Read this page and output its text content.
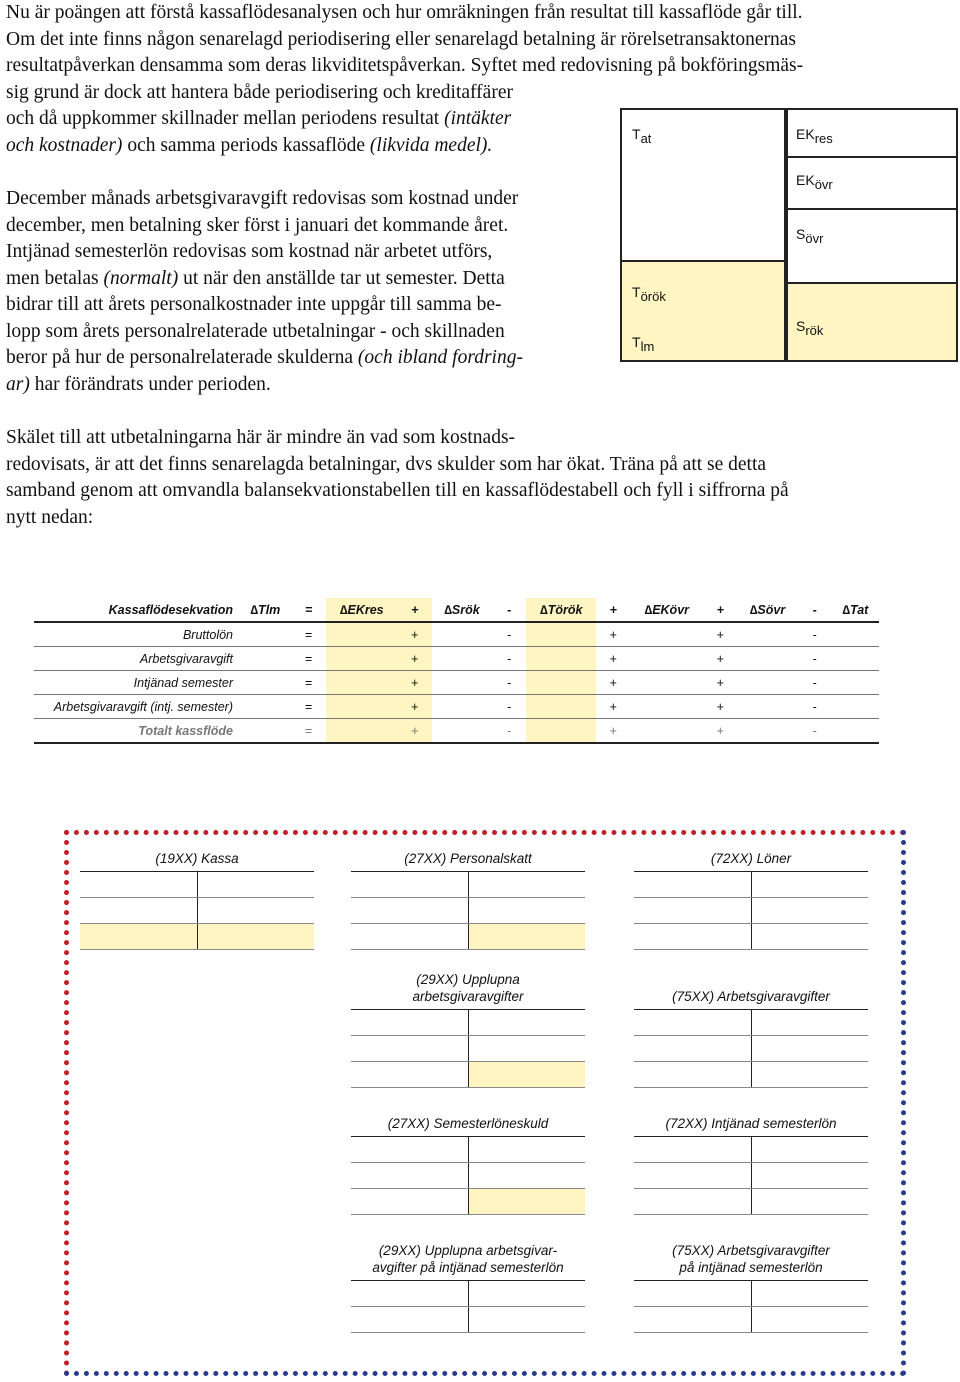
Nu är poängen att förstå kassaflödesanalysen och hur omräkningen från resultat till kassaflöde går till.
Om det inte finns någon senarelagd periodisering eller senarelagd betalning är rörelsetransaktonernas
resultatpåverkan densamma som deras likviditetspåverkan. Syftet med redovisning på bokföringsmäs-
sig grund är dock att hantera både periodisering och kreditaffärer
och då uppkommer skillnader mellan periodens resultat (intäkter
och kostnader) och samma periods kassaflöde (likvida medel).
December månads arbetsgivaravgift redovisas som kostnad under
december, men betalning sker först i januari det kommande året.
Intjänad semesterlön redovisas som kostnad när arbetet utförs,
men betalas (normalt) ut när den anställde tar ut semester. Detta
bidrar till att årets personalkostnader inte uppgår till samma be-
lopp som årets personalrelaterade utbetalningar - och skillnaden
beror på hur de personalrelaterade skulderna (och ibland fordring-
ar) har förändrats under perioden.
$T_{at}$
$T_{örök}$
$T_{lm}$
$EK_{res}$
$EK_{övr}$
$S_{övr}$
$S_{rök}$
Skälet till att utbetalningarna här är mindre än vad som kostnads-
redovisats, är att det finns senarelagda betalningar, dvs skulder som har ökat. Träna på att se detta
samband genom att omvandla balansekvationstabellen till en kassaflödestabell och fyll i siffrorna på
nytt nedan:
Kassaflödesekvation	∆Tlm	=	∆EKres	+	∆Srök	-	∆Török	+	∆EKövr	+	∆Sövr	-	∆Tat
Bruttolön		=		+		-		+		+		-	
Arbetsgivaravgift		=		+		-		+		+		-	
Intjänad semester		=		+		-		+		+		-	
Arbetsgivaravgift (intj. semester)		=		+		-		+		+		-	
Totalt kassflöde		=		+		-		+		+		-	
(19XX) Kassa	(27XX) Personalskatt	(72XX) Löner
(29XX) Upplupna
arbetsgivaravgifter	(75XX) Arbetsgivaravgifter
(27XX) Semesterlöneskuld	(72XX) Intjänad semesterlön
(29XX) Upplupna arbetsgivar-
avgifter på intjänad semesterlön
(75XX) Arbetsgivaravgifter
på intjänad semesterlön
